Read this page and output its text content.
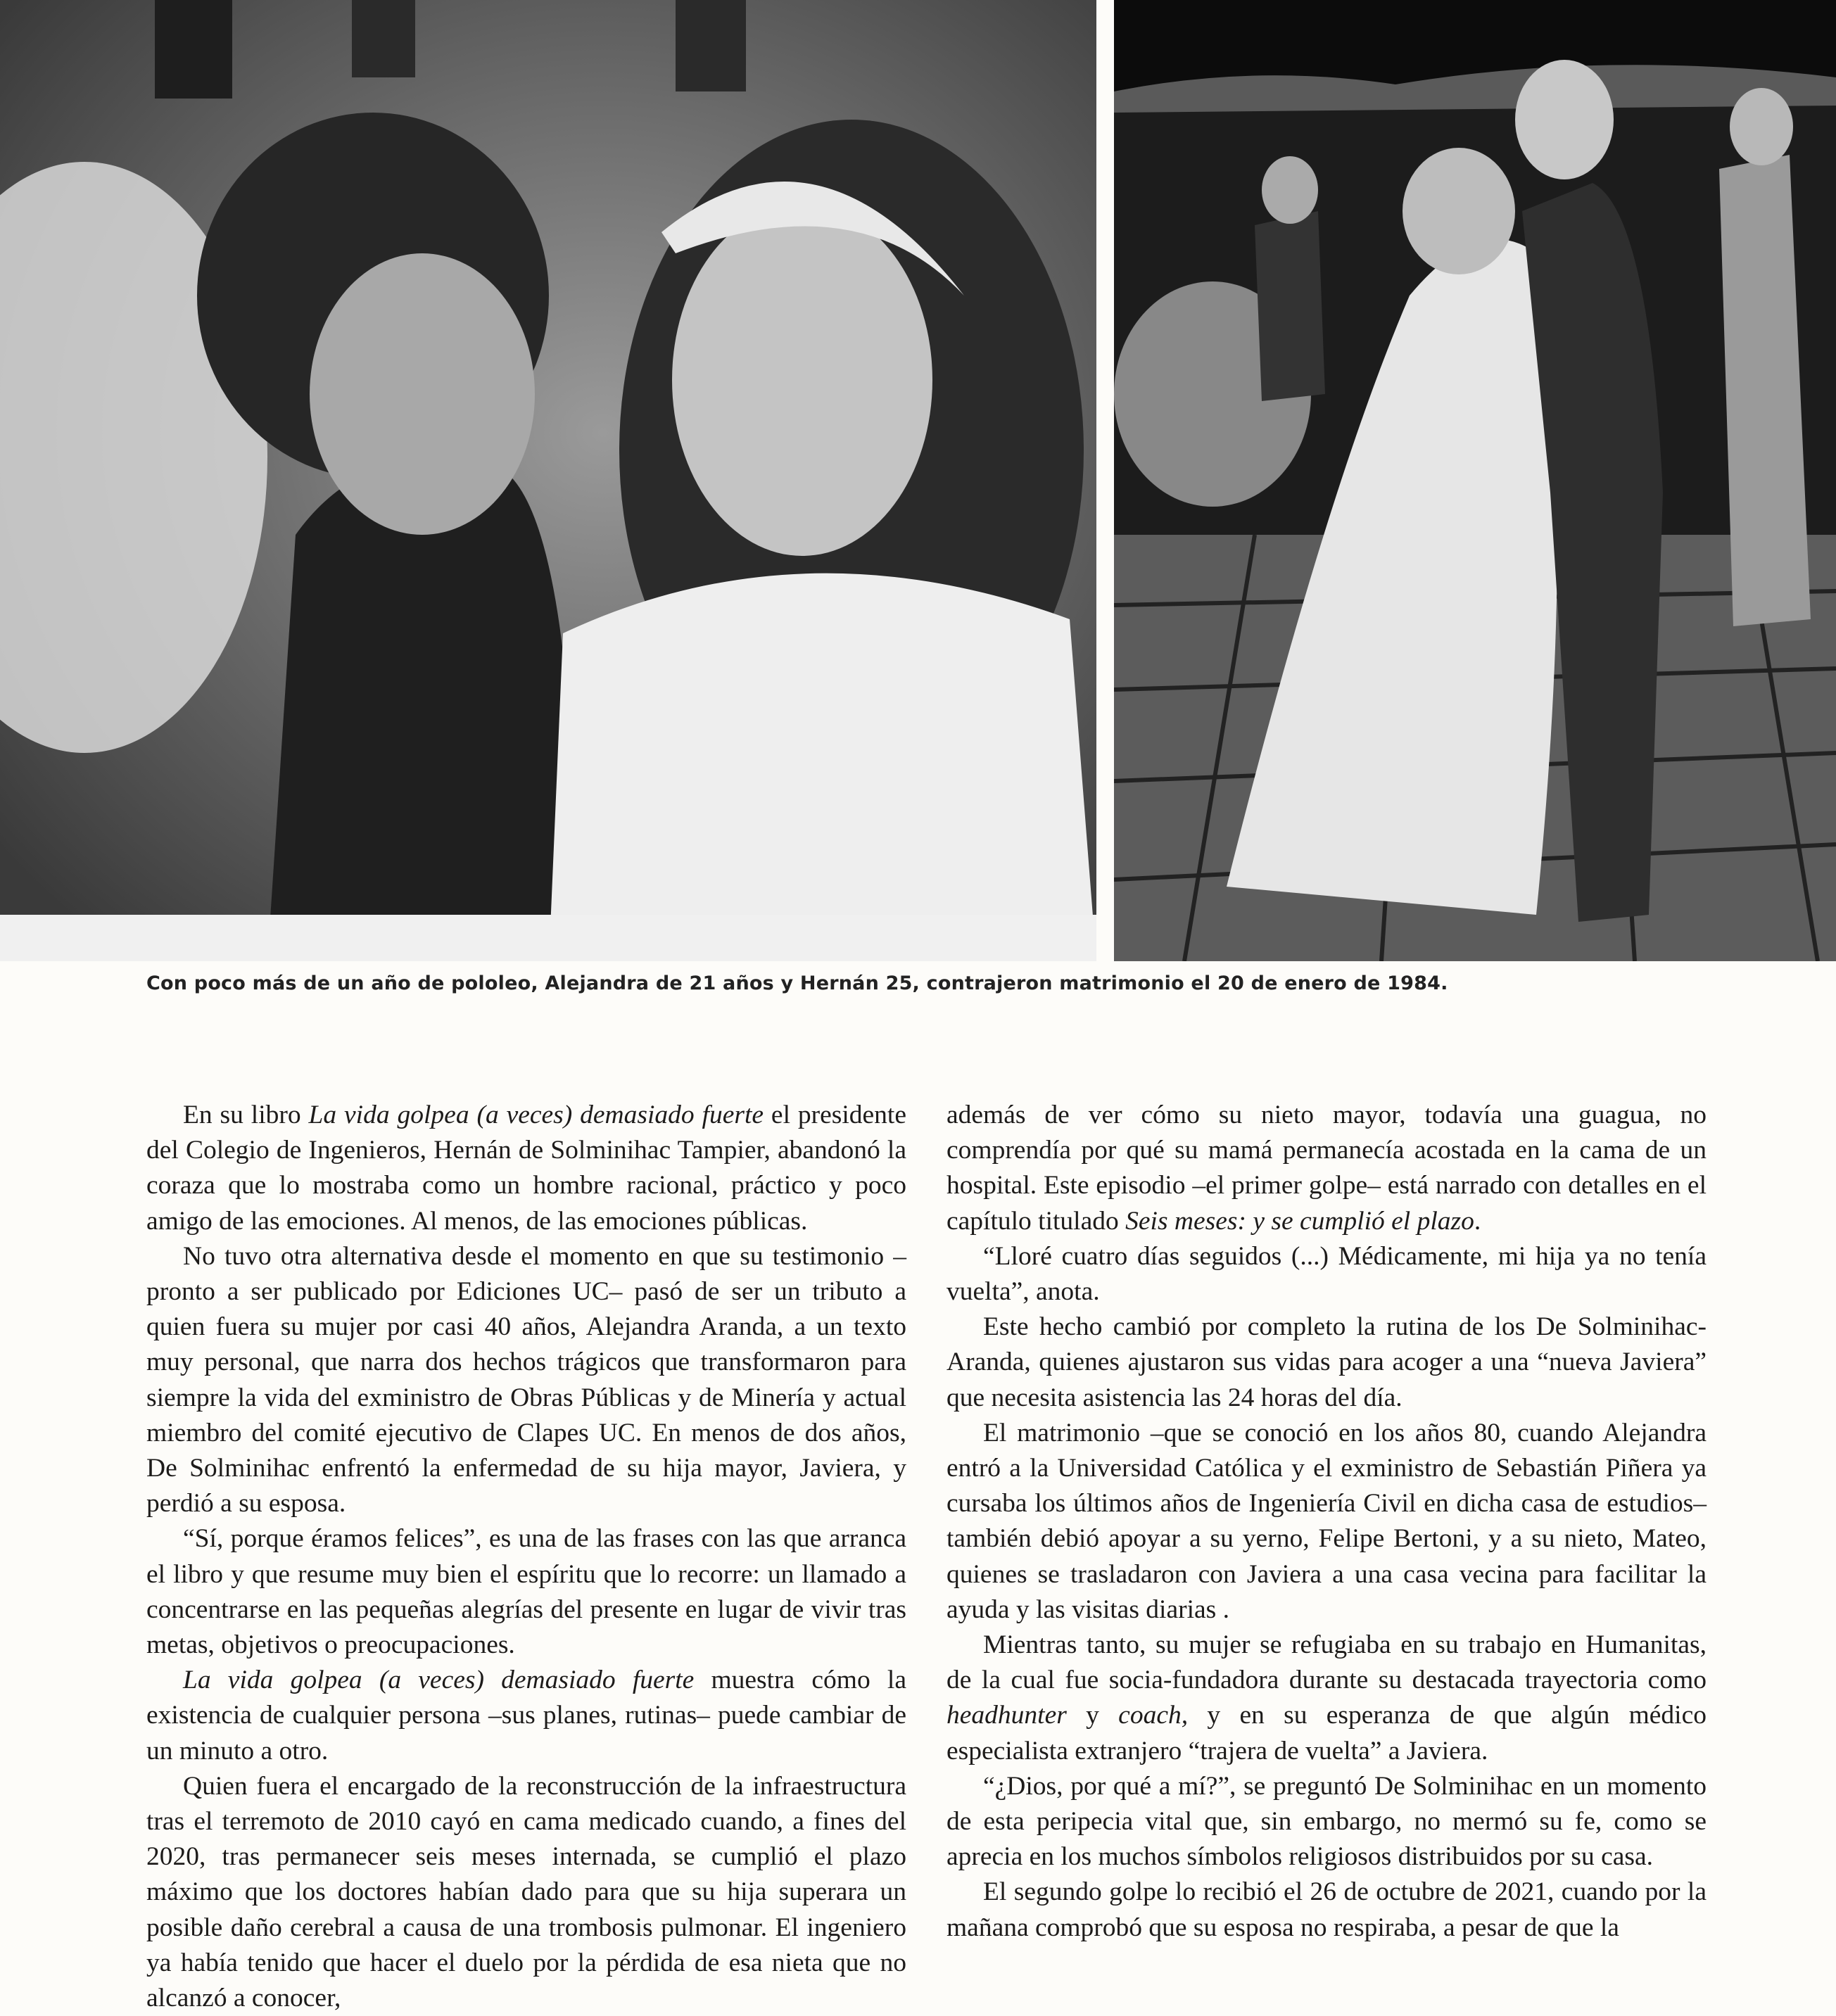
Con poco más de un año de pololeo, Alejandra de 21 años y Hernán 25, contrajeron matrimonio el 20 de enero de 1984.

En su libro La vida golpea (a veces) demasiado fuerte el presidente del Colegio de Ingenieros, Hernán de Solminihac Tampier, abandonó la coraza que lo mostraba como un hombre racional, práctico y poco amigo de las emociones. Al menos, de las emociones públicas.

No tuvo otra alternativa desde el momento en que su testimonio –pronto a ser publicado por Ediciones UC– pasó de ser un tributo a quien fuera su mujer por casi 40 años, Alejandra Aranda, a un texto muy personal, que narra dos hechos trágicos que transformaron para siempre la vida del exministro de Obras Públicas y de Minería y actual miembro del comité ejecutivo de Clapes UC. En menos de dos años, De Solminihac enfrentó la enfermedad de su hija mayor, Javiera, y perdió a su esposa.

“Sí, porque éramos felices”, es una de las frases con las que arranca el libro y que resume muy bien el espíritu que lo recorre: un llamado a concentrarse en las pequeñas alegrías del presente en lugar de vivir tras metas, objetivos o preocupaciones.

La vida golpea (a veces) demasiado fuerte muestra cómo la existencia de cualquier persona –sus planes, rutinas– puede cambiar de un minuto a otro.

Quien fuera el encargado de la reconstrucción de la infraestructura tras el terremoto de 2010 cayó en cama medicado cuando, a fines del 2020, tras permanecer seis meses internada, se cumplió el plazo máximo que los doctores habían dado para que su hija superara un posible daño cerebral a causa de una trombosis pulmonar. El ingeniero ya había tenido que hacer el duelo por la pérdida de esa nieta que no alcanzó a conocer,

además de ver cómo su nieto mayor, todavía una guagua, no comprendía por qué su mamá permanecía acostada en la cama de un hospital. Este episodio –el primer golpe– está narrado con detalles en el capítulo titulado Seis meses: y se cumplió el plazo.

“Lloré cuatro días seguidos (...) Médicamente, mi hija ya no tenía vuelta”, anota.

Este hecho cambió por completo la rutina de los De Solminihac-Aranda, quienes ajustaron sus vidas para acoger a una “nueva Javiera” que necesita asistencia las 24 horas del día.

El matrimonio –que se conoció en los años 80, cuando Alejandra entró a la Universidad Católica y el exministro de Sebastián Piñera ya cursaba los últimos años de Ingeniería Civil en dicha casa de estudios– también debió apoyar a su yerno, Felipe Bertoni, y a su nieto, Mateo, quienes se trasladaron con Javiera a una casa vecina para facilitar la ayuda y las visitas diarias .

Mientras tanto, su mujer se refugiaba en su trabajo en Humanitas, de la cual fue socia-fundadora durante su destacada trayectoria como headhunter y coach, y en su esperanza de que algún médico especialista extranjero “trajera de vuelta” a Javiera.

“¿Dios, por qué a mí?”, se preguntó De Solminihac en un momento de esta peripecia vital que, sin embargo, no mermó su fe, como se aprecia en los muchos símbolos religiosos distribuidos por su casa.

El segundo golpe lo recibió el 26 de octubre de 2021, cuando por la mañana comprobó que su esposa no respiraba, a pesar de que la
